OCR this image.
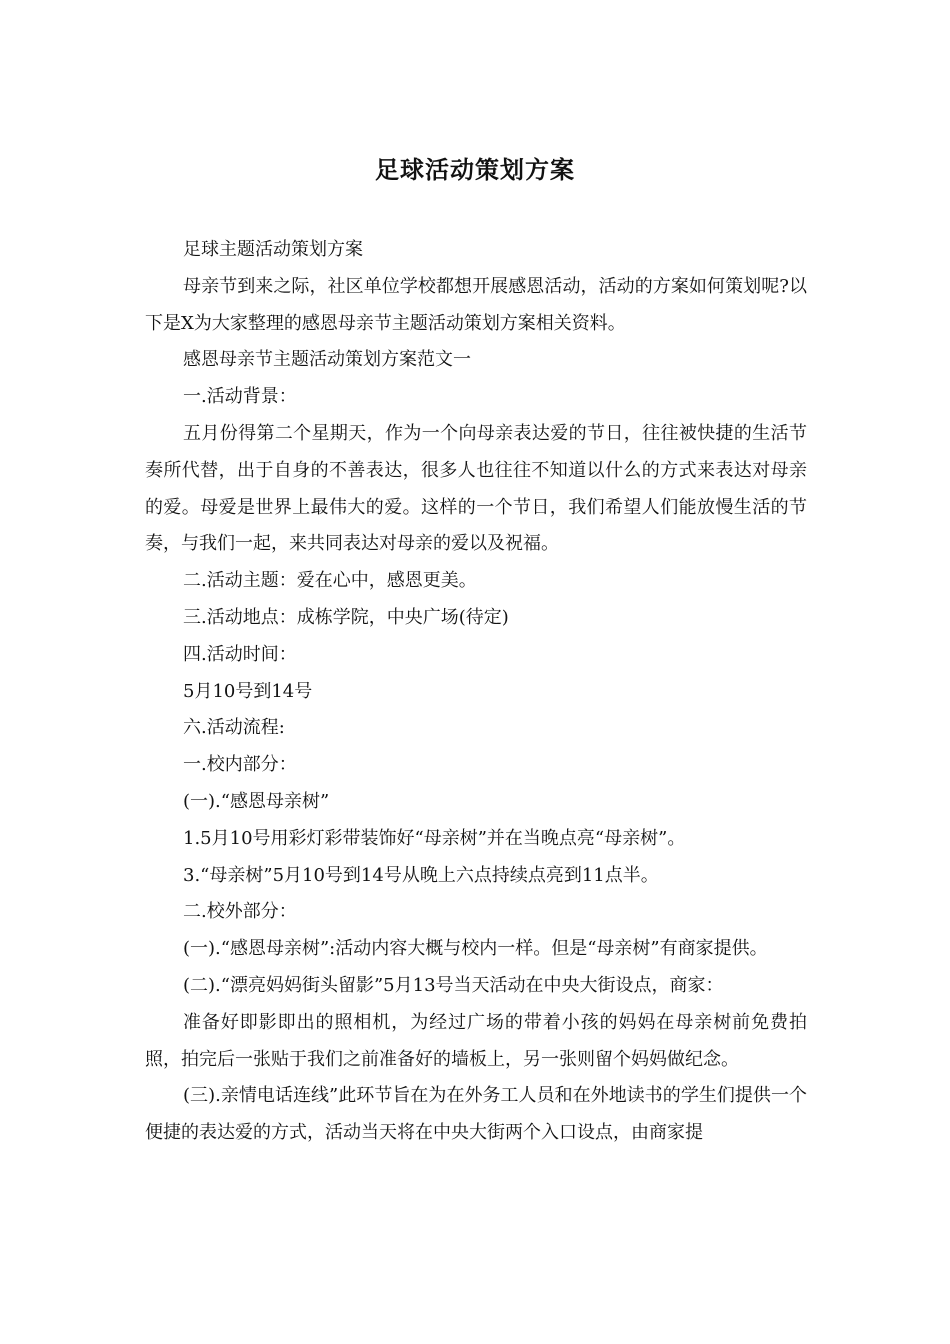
足球活动策划方案

足球主题活动策划方案

母亲节到来之际，社区单位学校都想开展感恩活动，活动的方案如何策划呢?以下是X为大家整理的感恩母亲节主题活动策划方案相关资料。

感恩母亲节主题活动策划方案范文一

一.活动背景：

五月份得第二个星期天，作为一个向母亲表达爱的节日，往往被快捷的生活节奏所代替，出于自身的不善表达，很多人也往往不知道以什么的方式来表达对母亲的爱。母爱是世界上最伟大的爱。这样的一个节日，我们希望人们能放慢生活的节奏，与我们一起，来共同表达对母亲的爱以及祝福。

二.活动主题：爱在心中，感恩更美。

三.活动地点：成栋学院，中央广场(待定)

四.活动时间：

5月10号到14号

六.活动流程:

一.校内部分：

(一).“感恩母亲树”

1.5月10号用彩灯彩带装饰好“母亲树”并在当晚点亮“母亲树”。

3.“母亲树”5月10号到14号从晚上六点持续点亮到11点半。

二.校外部分：

(一).“感恩母亲树”:活动内容大概与校内一样。但是“母亲树”有商家提供。

(二).“漂亮妈妈街头留影”5月13号当天活动在中央大街设点，商家：

准备好即影即出的照相机，为经过广场的带着小孩的妈妈在母亲树前免费拍照，拍完后一张贴于我们之前准备好的墙板上，另一张则留个妈妈做纪念。

(三).亲情电话连线”此环节旨在为在外务工人员和在外地读书的学生们提供一个便捷的表达爱的方式，活动当天将在中央大街两个入口设点，由商家提
